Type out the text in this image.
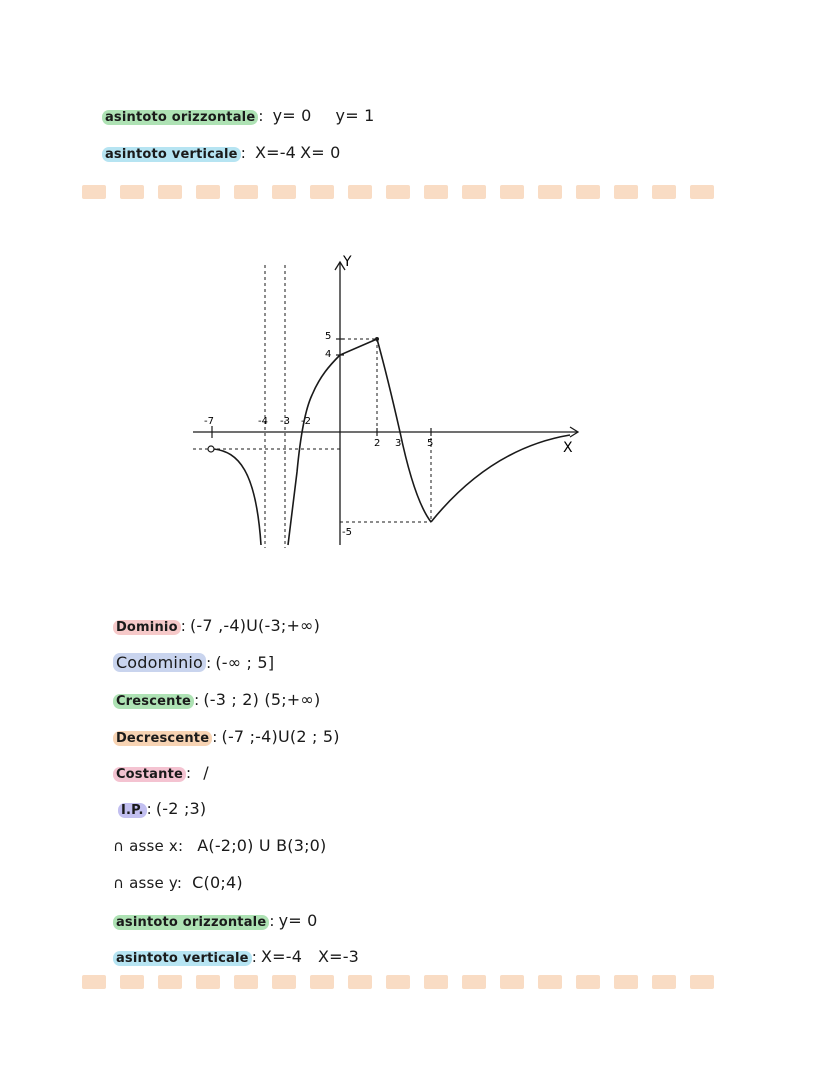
asintoto orizzontale : y= 0 y= 1

asintoto verticale : X=-4 X= 0

Y
X
-7	-4 -3 -2
2 3	5
5
4
-5

Dominio : (-7 ,-4)U(-3;+∞)

Codominio : (-∞ ; 5]

Crescente : (-3 ; 2) (5;+∞)

Decrescente : (-7 ;-4)U(2 ; 5)

Costante : /

I.P. : (-2 ;3)

∩ asse x: A(-2;0) U B(3;0)

∩ asse y: C(0;4)

asintoto orizzontale : y= 0

asintoto verticale : X=-4   X=-3
